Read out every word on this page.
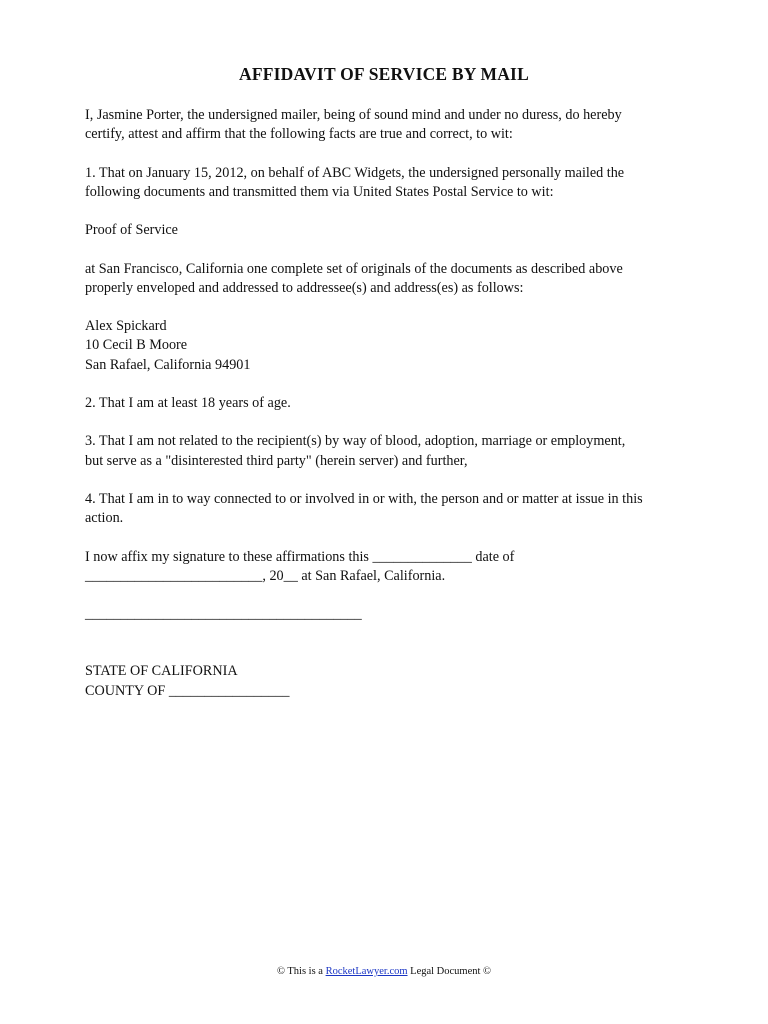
AFFIDAVIT OF SERVICE BY MAIL

I, Jasmine Porter, the undersigned mailer, being of sound mind and under no duress, do hereby
certify, attest and affirm that the following facts are true and correct, to wit:

1. That on January 15, 2012, on behalf of ABC Widgets, the undersigned personally mailed the
following documents and transmitted them via United States Postal Service to wit:

Proof of Service

at San Francisco, California one complete set of originals of the documents as described above
properly enveloped and addressed to addressee(s) and address(es) as follows:

Alex Spickard
10 Cecil B Moore
San Rafael, California 94901

2. That I am at least 18 years of age.

3. That I am not related to the recipient(s) by way of blood, adoption, marriage or employment,
but serve as a "disinterested third party" (herein server) and further,

4. That I am in to way connected to or involved in or with, the person and or matter at issue in this
action.

I now affix my signature to these affirmations this ______________ date of
_________________________, 20__ at San Rafael, California.

_______________________________________

STATE OF CALIFORNIA
COUNTY OF _________________
© This is a RocketLawyer.com Legal Document ©
